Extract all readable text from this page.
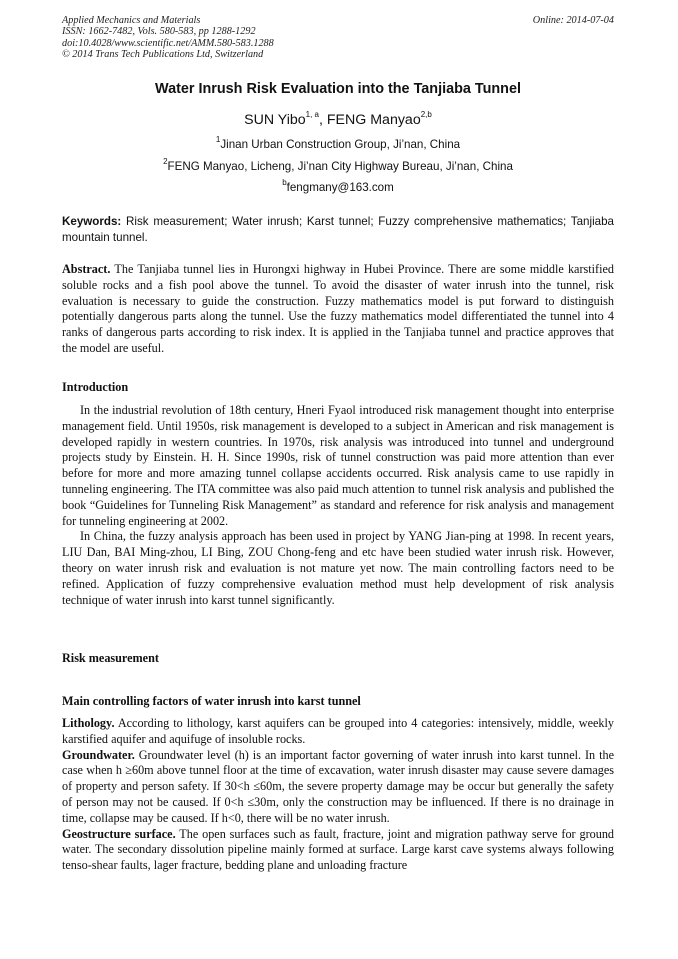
Applied Mechanics and Materials
ISSN: 1662-7482, Vols. 580-583, pp 1288-1292
doi:10.4028/www.scientific.net/AMM.580-583.1288
© 2014 Trans Tech Publications Ltd, Switzerland
Online: 2014-07-04
Water Inrush Risk Evaluation into the Tanjiaba Tunnel
SUN Yibo$^{1, a}$, FENG Manyao$^{2,b}$
$^1$Jinan Urban Construction Group, Ji’nan, China
$^2$FENG Manyao, Licheng, Ji’nan City Highway Bureau, Ji’nan, China
$^b$fengmany@163.com
Keywords: Risk measurement; Water inrush; Karst tunnel; Fuzzy comprehensive mathematics; Tanjiaba mountain tunnel.

Abstract. The Tanjiaba tunnel lies in Hurongxi highway in Hubei Province. There are some middle karstified soluble rocks and a fish pool above the tunnel. To avoid the disaster of water inrush into the tunnel, risk evaluation is necessary to guide the construction. Fuzzy mathematics model is put forward to distinguish potentially dangerous parts along the tunnel. Use the fuzzy mathematics model differentiated the tunnel into 4 ranks of dangerous parts according to risk index. It is applied in the Tanjiaba tunnel and practice approves that the model are useful.

Introduction

In the industrial revolution of 18th century, Hneri Fyaol introduced risk management thought into enterprise management field. Until 1950s, risk management is developed to a subject in American and risk management is developed rapidly in western countries. In 1970s, risk analysis was introduced into tunnel and underground projects study by Einstein. H. H. Since 1990s, risk of tunnel construction was paid more attention than ever before for more and more amazing tunnel collapse accidents occurred. Risk analysis came to use rapidly in tunneling engineering. The ITA committee was also paid much attention to tunnel risk analysis and published the book “Guidelines for Tunneling Risk Management” as standard and reference for risk analysis and management for tunneling engineering at 2002.

In China, the fuzzy analysis approach has been used in project by YANG Jian-ping at 1998. In recent years, LIU Dan, BAI Ming-zhou, LI Bing, ZOU Chong-feng and etc have been studied water inrush risk. However, theory on water inrush risk and evaluation is not mature yet now. The main controlling factors need to be refined. Application of fuzzy comprehensive evaluation method must help development of risk analysis technique of water inrush into karst tunnel significantly.

Risk measurement
Main controlling factors of water inrush into karst tunnel

Lithology. According to lithology, karst aquifers can be grouped into 4 categories: intensively, middle, weekly karstified aquifer and aquifuge of insoluble rocks.

Groundwater. Groundwater level (h) is an important factor governing of water inrush into karst tunnel. In the case when h ≥60m above tunnel floor at the time of excavation, water inrush disaster may cause severe damages of property and person safety. If 30<h ≤60m, the severe property damage may be occur but generally the safety of person may not be caused. If 0<h ≤30m, only the construction may be influenced. If there is no drainage in time, collapse may be caused. If h<0, there will be no water inrush.

Geostructure surface. The open surfaces such as fault, fracture, joint and migration pathway serve for ground water. The secondary dissolution pipeline mainly formed at surface. Large karst cave systems always following tenso-shear faults, lager fracture, bedding plane and unloading fracture
